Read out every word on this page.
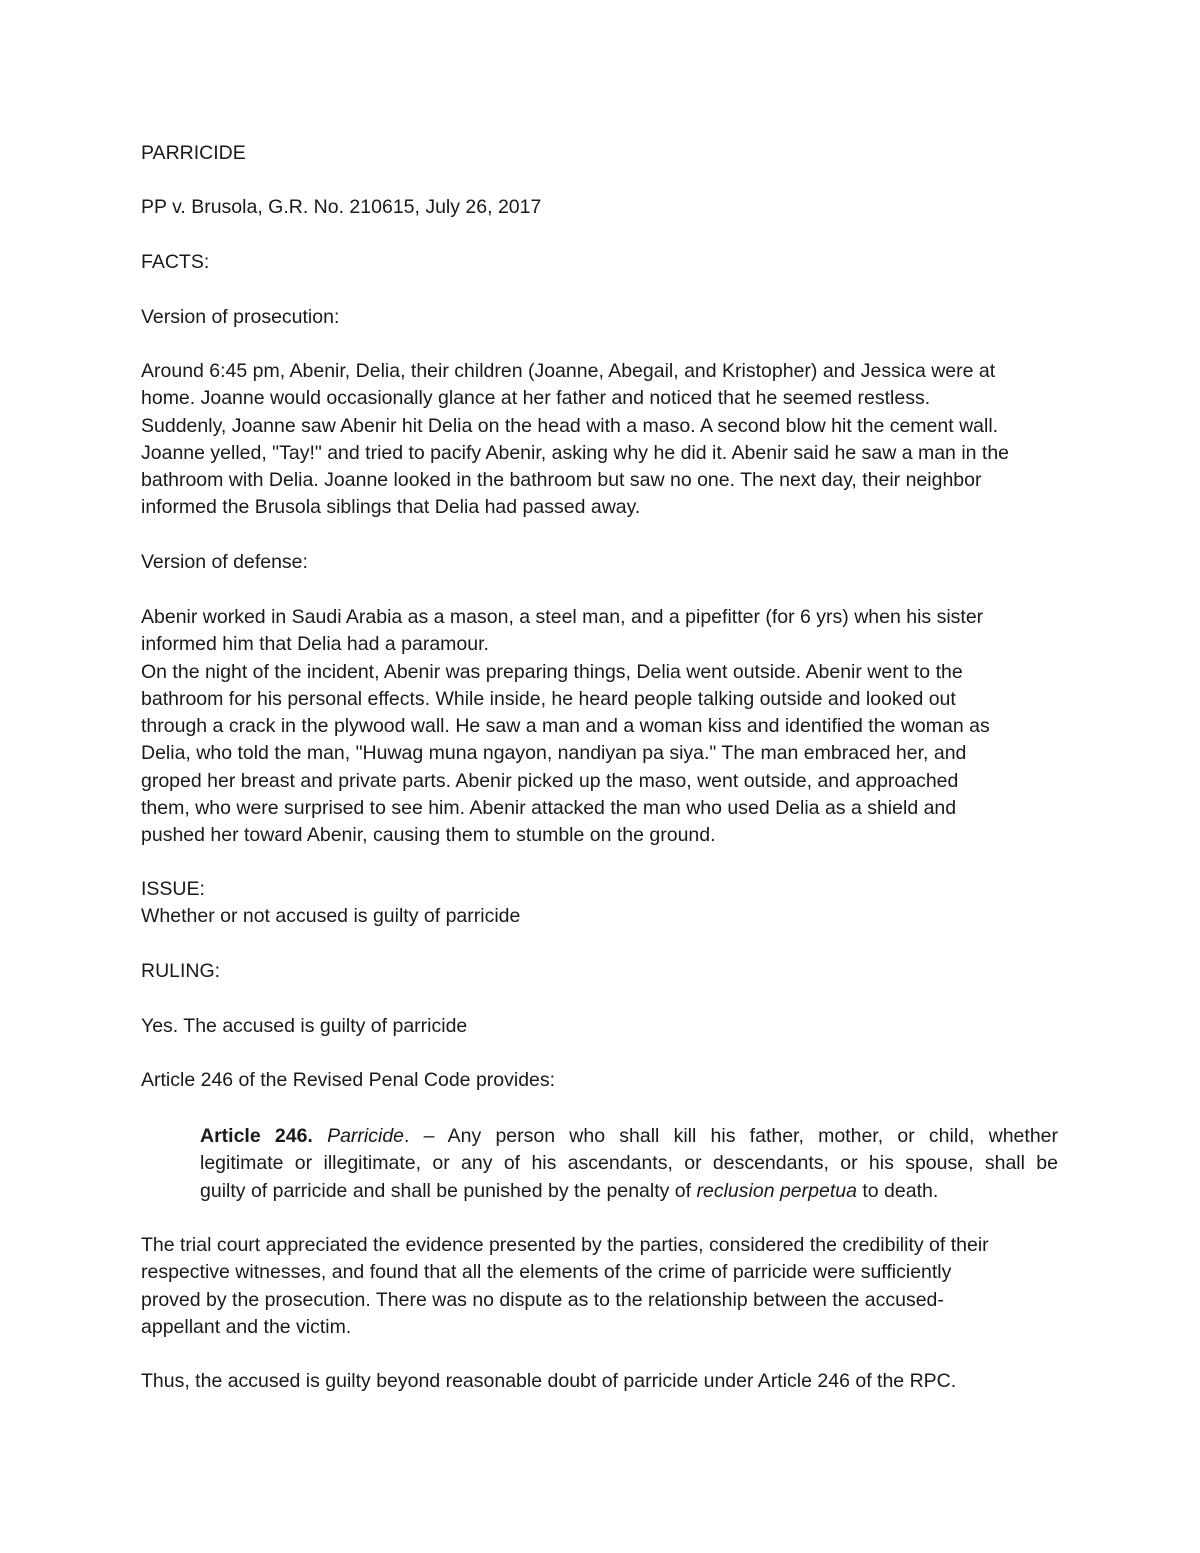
PARRICIDE

PP v. Brusola, G.R. No. 210615, July 26, 2017

FACTS:

Version of prosecution:

Around 6:45 pm, Abenir, Delia, their children (Joanne, Abegail, and Kristopher) and Jessica were at
home. Joanne would occasionally glance at her father and noticed that he seemed restless.
Suddenly, Joanne saw Abenir hit Delia on the head with a maso. A second blow hit the cement wall.
Joanne yelled, "Tay!" and tried to pacify Abenir, asking why he did it. Abenir said he saw a man in the
bathroom with Delia. Joanne looked in the bathroom but saw no one. The next day, their neighbor
informed the Brusola siblings that Delia had passed away.

Version of defense:

Abenir worked in Saudi Arabia as a mason, a steel man, and a pipefitter (for 6 yrs) when his sister
informed him that Delia had a paramour.
On the night of the incident, Abenir was preparing things, Delia went outside. Abenir went to the
bathroom for his personal effects. While inside, he heard people talking outside and looked out
through a crack in the plywood wall. He saw a man and a woman kiss and identified the woman as
Delia, who told the man, "Huwag muna ngayon, nandiyan pa siya." The man embraced her, and
groped her breast and private parts. Abenir picked up the maso, went outside, and approached
them, who were surprised to see him. Abenir attacked the man who used Delia as a shield and
pushed her toward Abenir, causing them to stumble on the ground.

ISSUE:

Whether or not accused is guilty of parricide

RULING:

Yes. The accused is guilty of parricide

Article 246 of the Revised Penal Code provides:

Article 246. Parricide. – Any person who shall kill his father, mother, or child, whether
legitimate or illegitimate, or any of his ascendants, or descendants, or his spouse, shall be
guilty of parricide and shall be punished by the penalty of reclusion perpetua to death.
The trial court appreciated the evidence presented by the parties, considered the credibility of their
respective witnesses, and found that all the elements of the crime of parricide were sufficiently
proved by the prosecution. There was no dispute as to the relationship between the accused-
appellant and the victim.

Thus, the accused is guilty beyond reasonable doubt of parricide under Article 246 of the RPC.
